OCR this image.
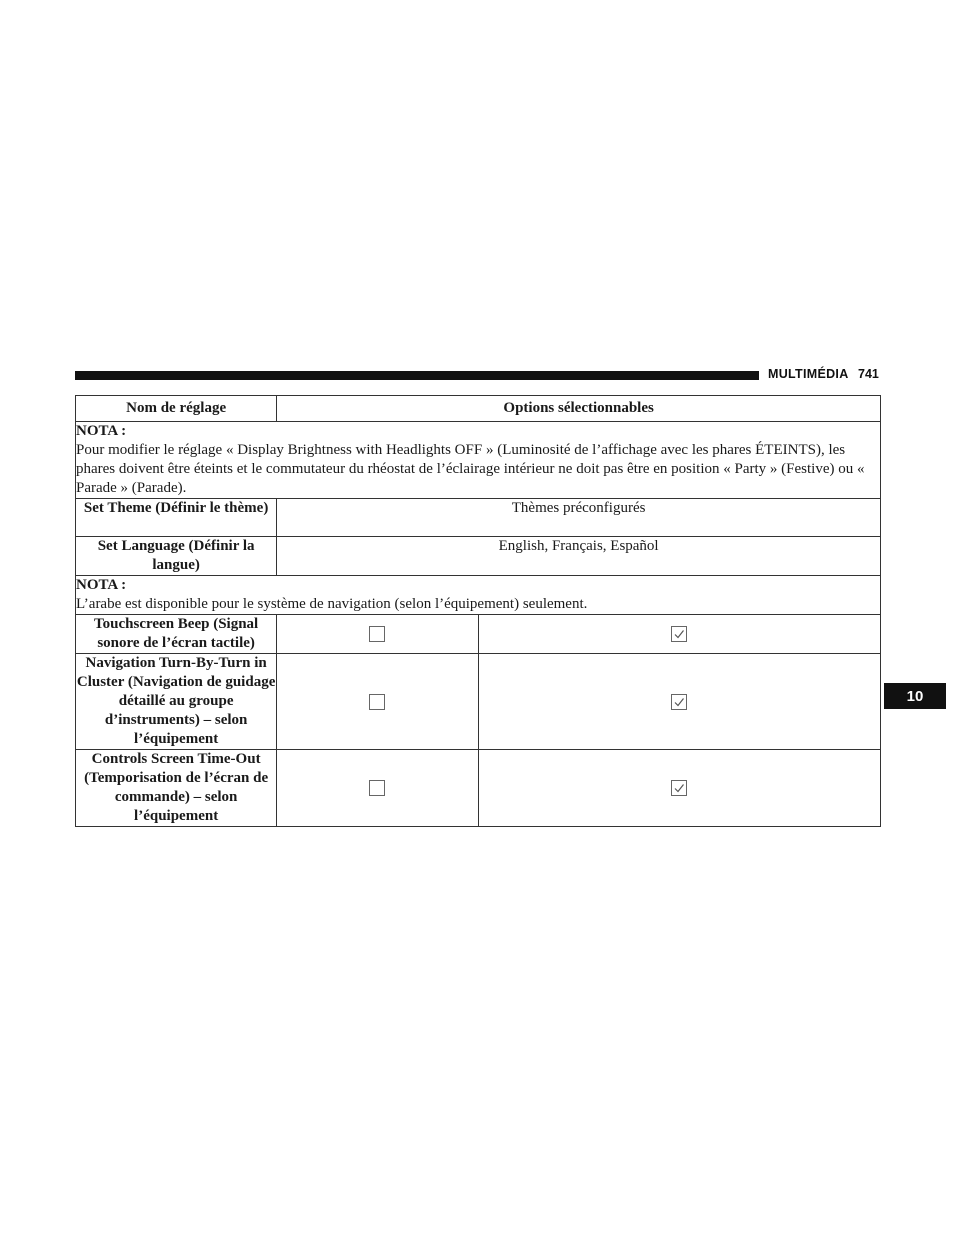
MULTIMÉDIA 741
10
Nom de réglage	Options sélectionnables	

NOTA :
Pour modifier le réglage « Display Brightness with Headlights OFF » (Luminosité de l’affichage avec les phares ÉTEINTS), les phares doivent être éteints et le commutateur du rhéostat de l’éclairage intérieur ne doit pas être en position « Party » (Festive) ou « Parade » (Parade).		
Set Theme (Définir le thème)	Thèmes préconfigurés	
Set Language (Définir la langue)	English, Français, Español	

NOTA :
L’arabe est disponible pour le système de navigation (selon l’équipement) seulement.		
Touchscreen Beep (Signal sonore de l’écran tactile)		

Navigation Turn-By-Turn in Cluster (Navigation de guidage détaillé au groupe d’instruments) – selon l’équipement		

Controls Screen Time-Out (Temporisation de l’écran de commande) – selon l’équipement		
